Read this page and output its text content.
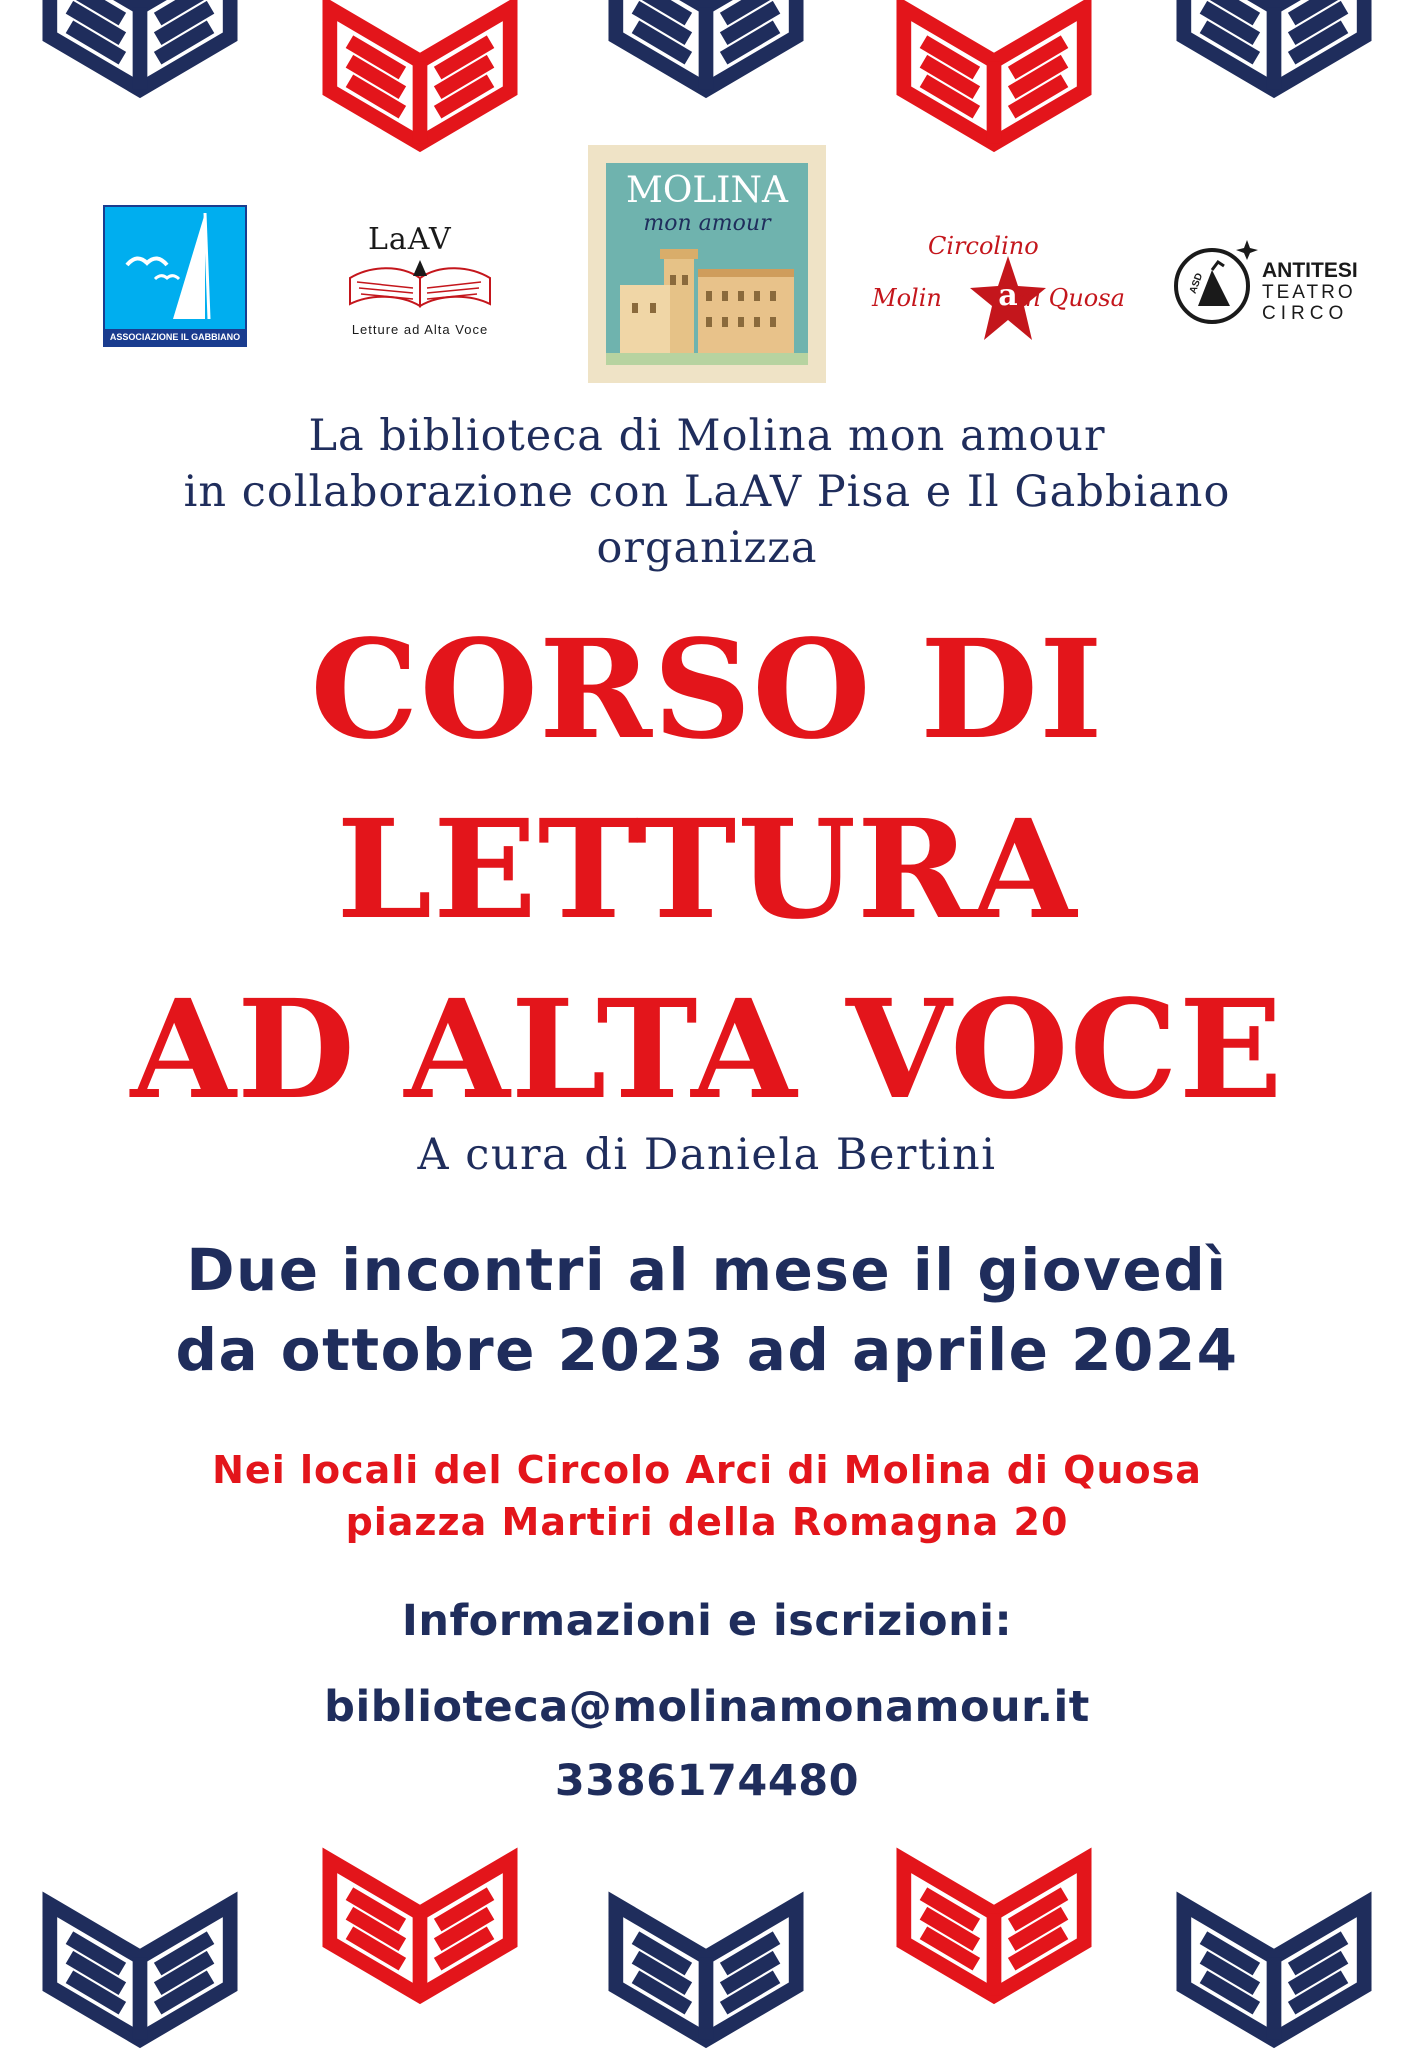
ASSOCIAZIONE IL GABBIANO
LaAV
Letture ad Alta Voce
MOLINA
mon amour
Circolino
Molin a di Quosa
ASD
ANTITESI
TEATRO
CIRCO
La biblioteca di Molina mon amour
in collaborazione con LaAV Pisa e Il Gabbiano
organizza
CORSO DI
LETTURA
AD ALTA VOCE
A cura di Daniela Bertini
Due incontri al mese il giovedì
da ottobre 2023 ad aprile 2024
Nei locali del Circolo Arci di Molina di Quosa
piazza Martiri della Romagna 20
Informazioni e iscrizioni:
biblioteca@molinamonamour.it
3386174480
